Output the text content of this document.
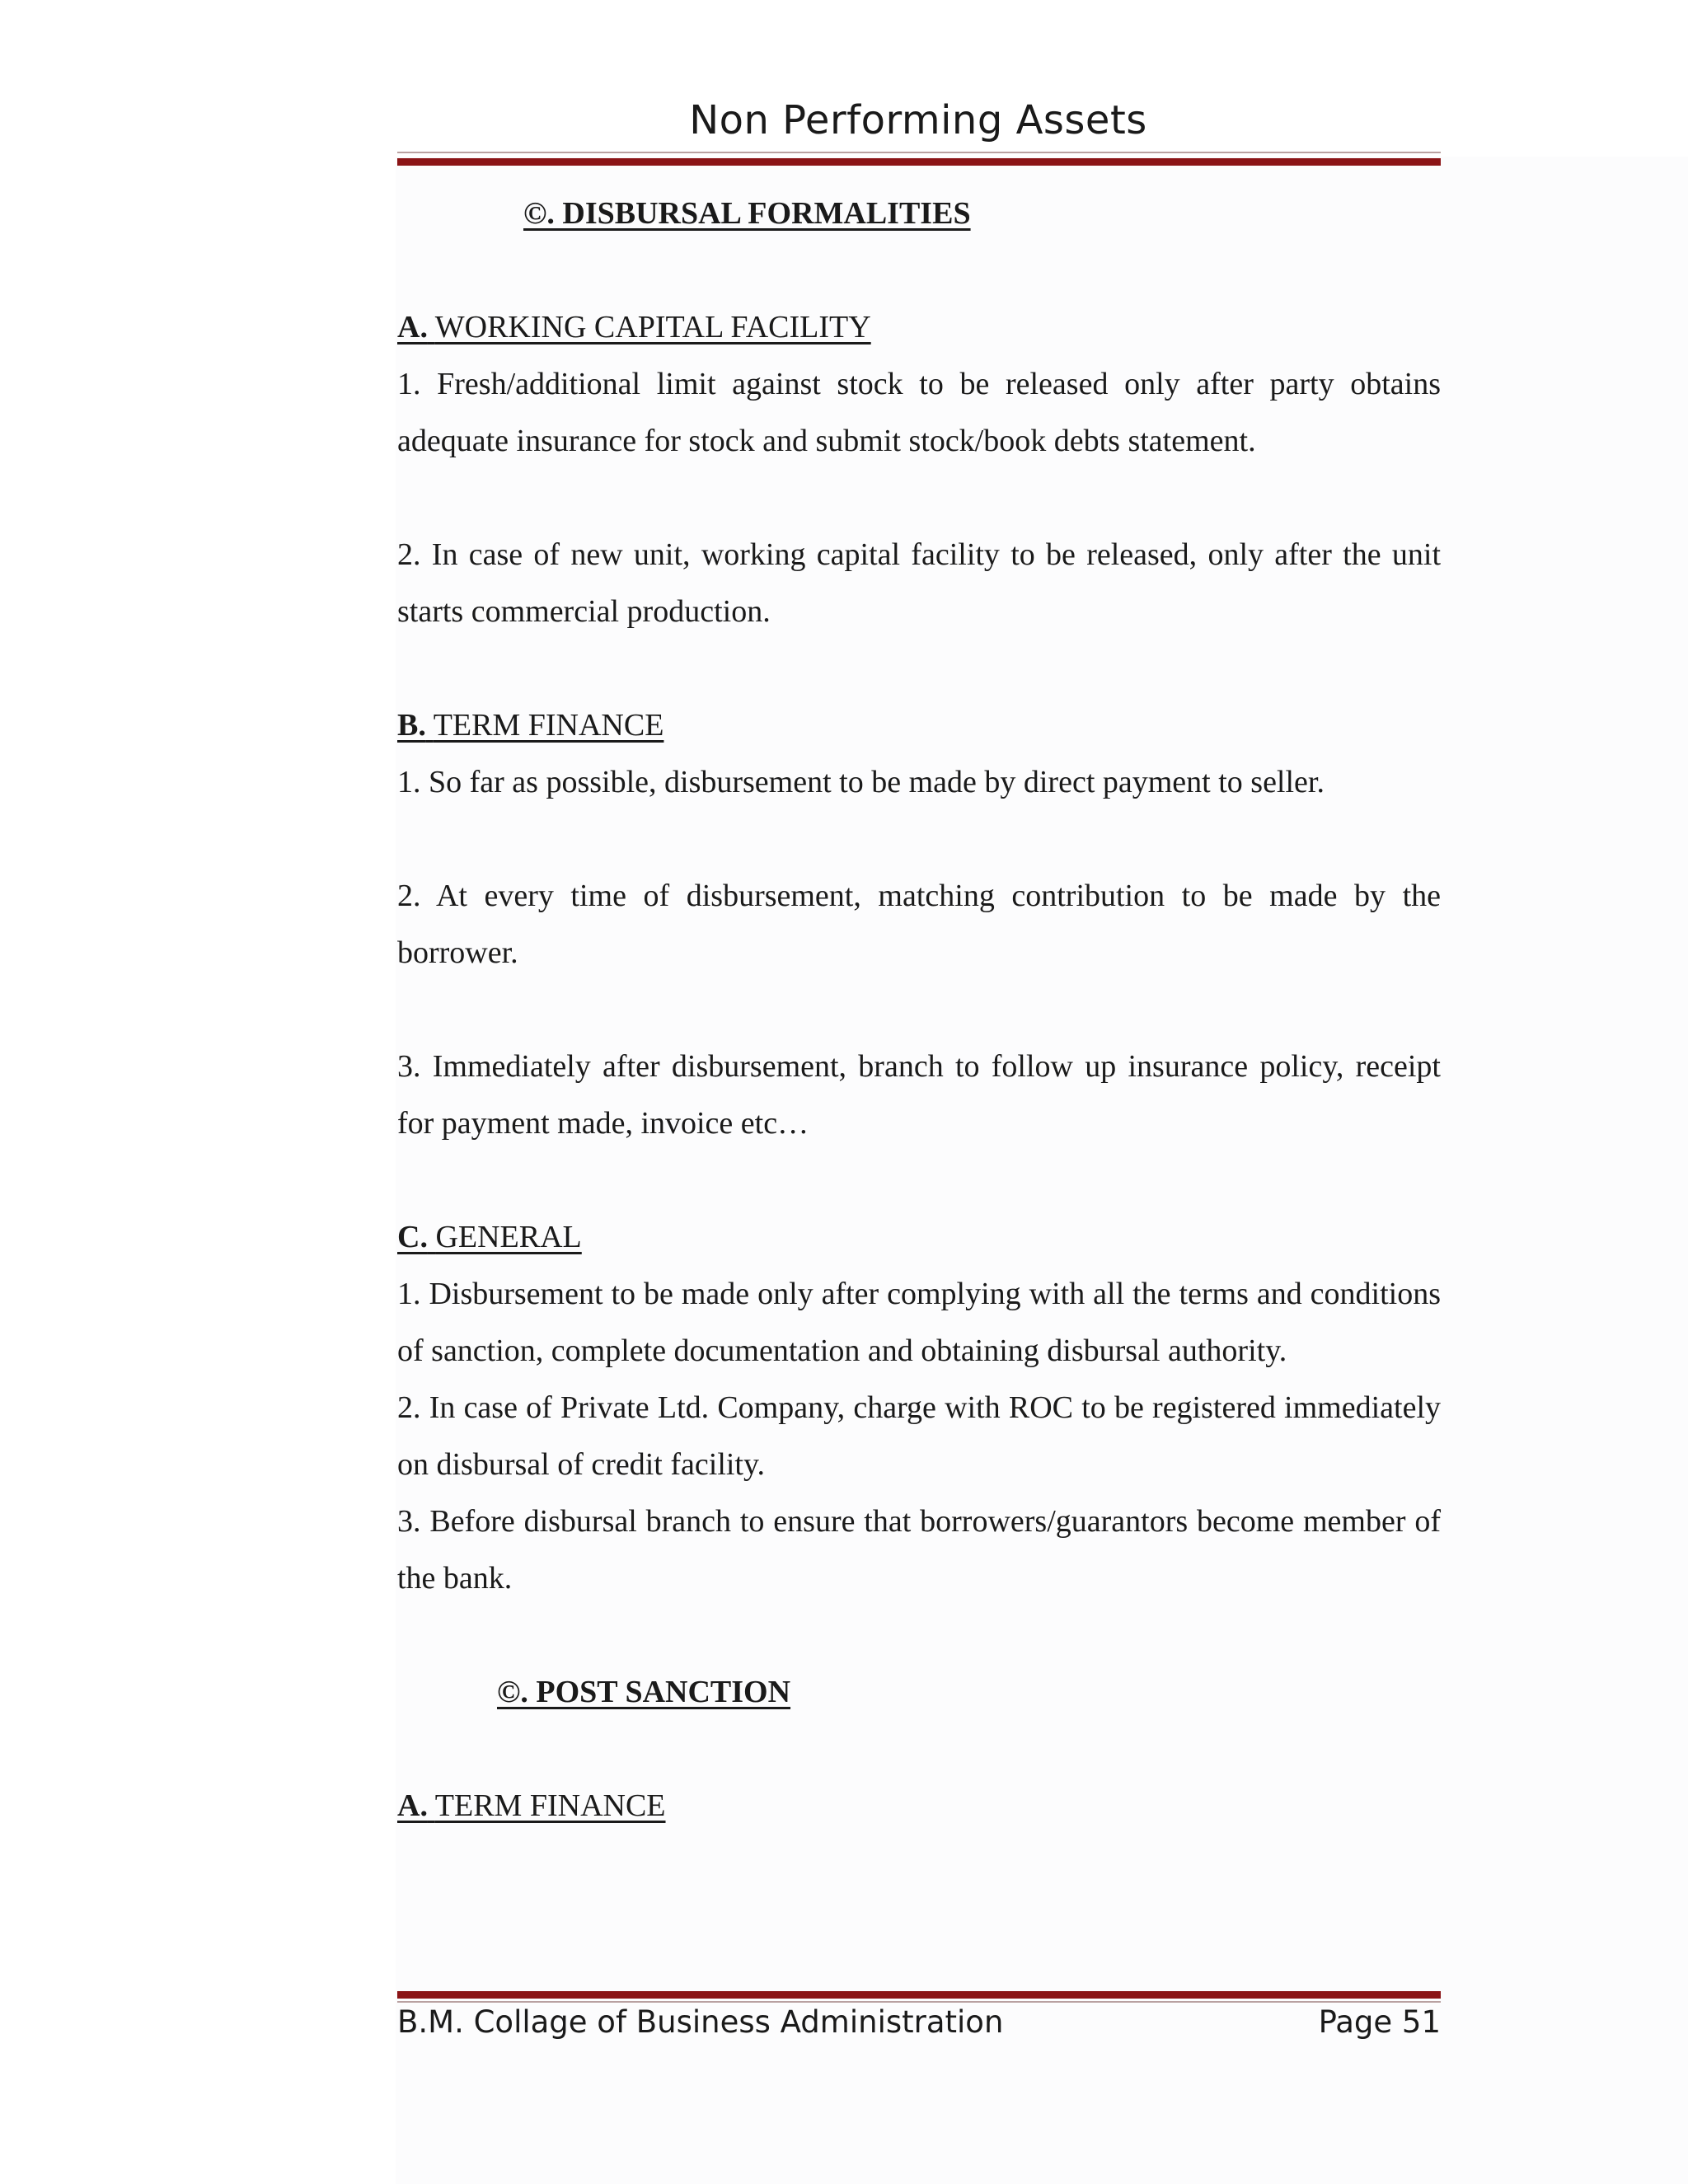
Non Performing Assets

©. DISBURSAL FORMALITIES

A. WORKING CAPITAL FACILITY

1. Fresh/additional limit against stock to be released only after party obtains adequate insurance for stock and submit stock/book debts statement.

2. In case of new unit, working capital facility to be released, only after the unit starts commercial production.

B. TERM FINANCE

1. So far as possible, disbursement to be made by direct payment to seller.

2. At every time of disbursement, matching contribution to be made by the borrower.

3. Immediately after disbursement, branch to follow up insurance policy, receipt for payment made, invoice etc…

C. GENERAL

1. Disbursement to be made only after complying with all the terms and conditions of sanction, complete documentation and obtaining disbursal authority.

2. In case of Private Ltd. Company, charge with ROC to be registered immediately on disbursal of credit facility.

3. Before disbursal branch to ensure that borrowers/guarantors become member of the bank.

©. POST SANCTION

A. TERM FINANCE

B.M. Collage of Business Administration	Page 51
